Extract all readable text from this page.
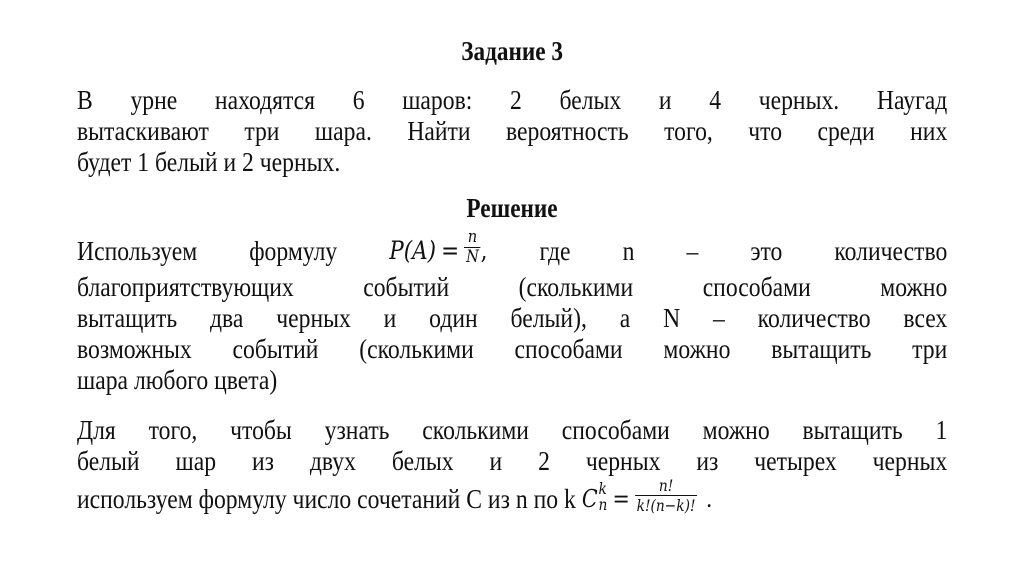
Задание 3
В урне находятся 6 шаров: 2 белых и 4 черных. Наугад
вытаскивают три шара. Найти вероятность того, что среди них
будет 1 белый и 2 черных.
Решение
Используем формулу $P(A) = \frac{n}{N}$ , где n – это количество
благоприятствующих	событий	(сколькими	способами	можно
вытащить два черных и один белый), а N – количество всех
возможных событий (сколькими способами можно вытащить три
шара любого цвета)
Для того, чтобы узнать сколькими способами можно вытащить 1
белый шар из двух белых и 2 черных из четырех черных
используем формулу число сочетаний С из n по k C k
$n = \frac{n!}{k!(n-k)!}$ .
